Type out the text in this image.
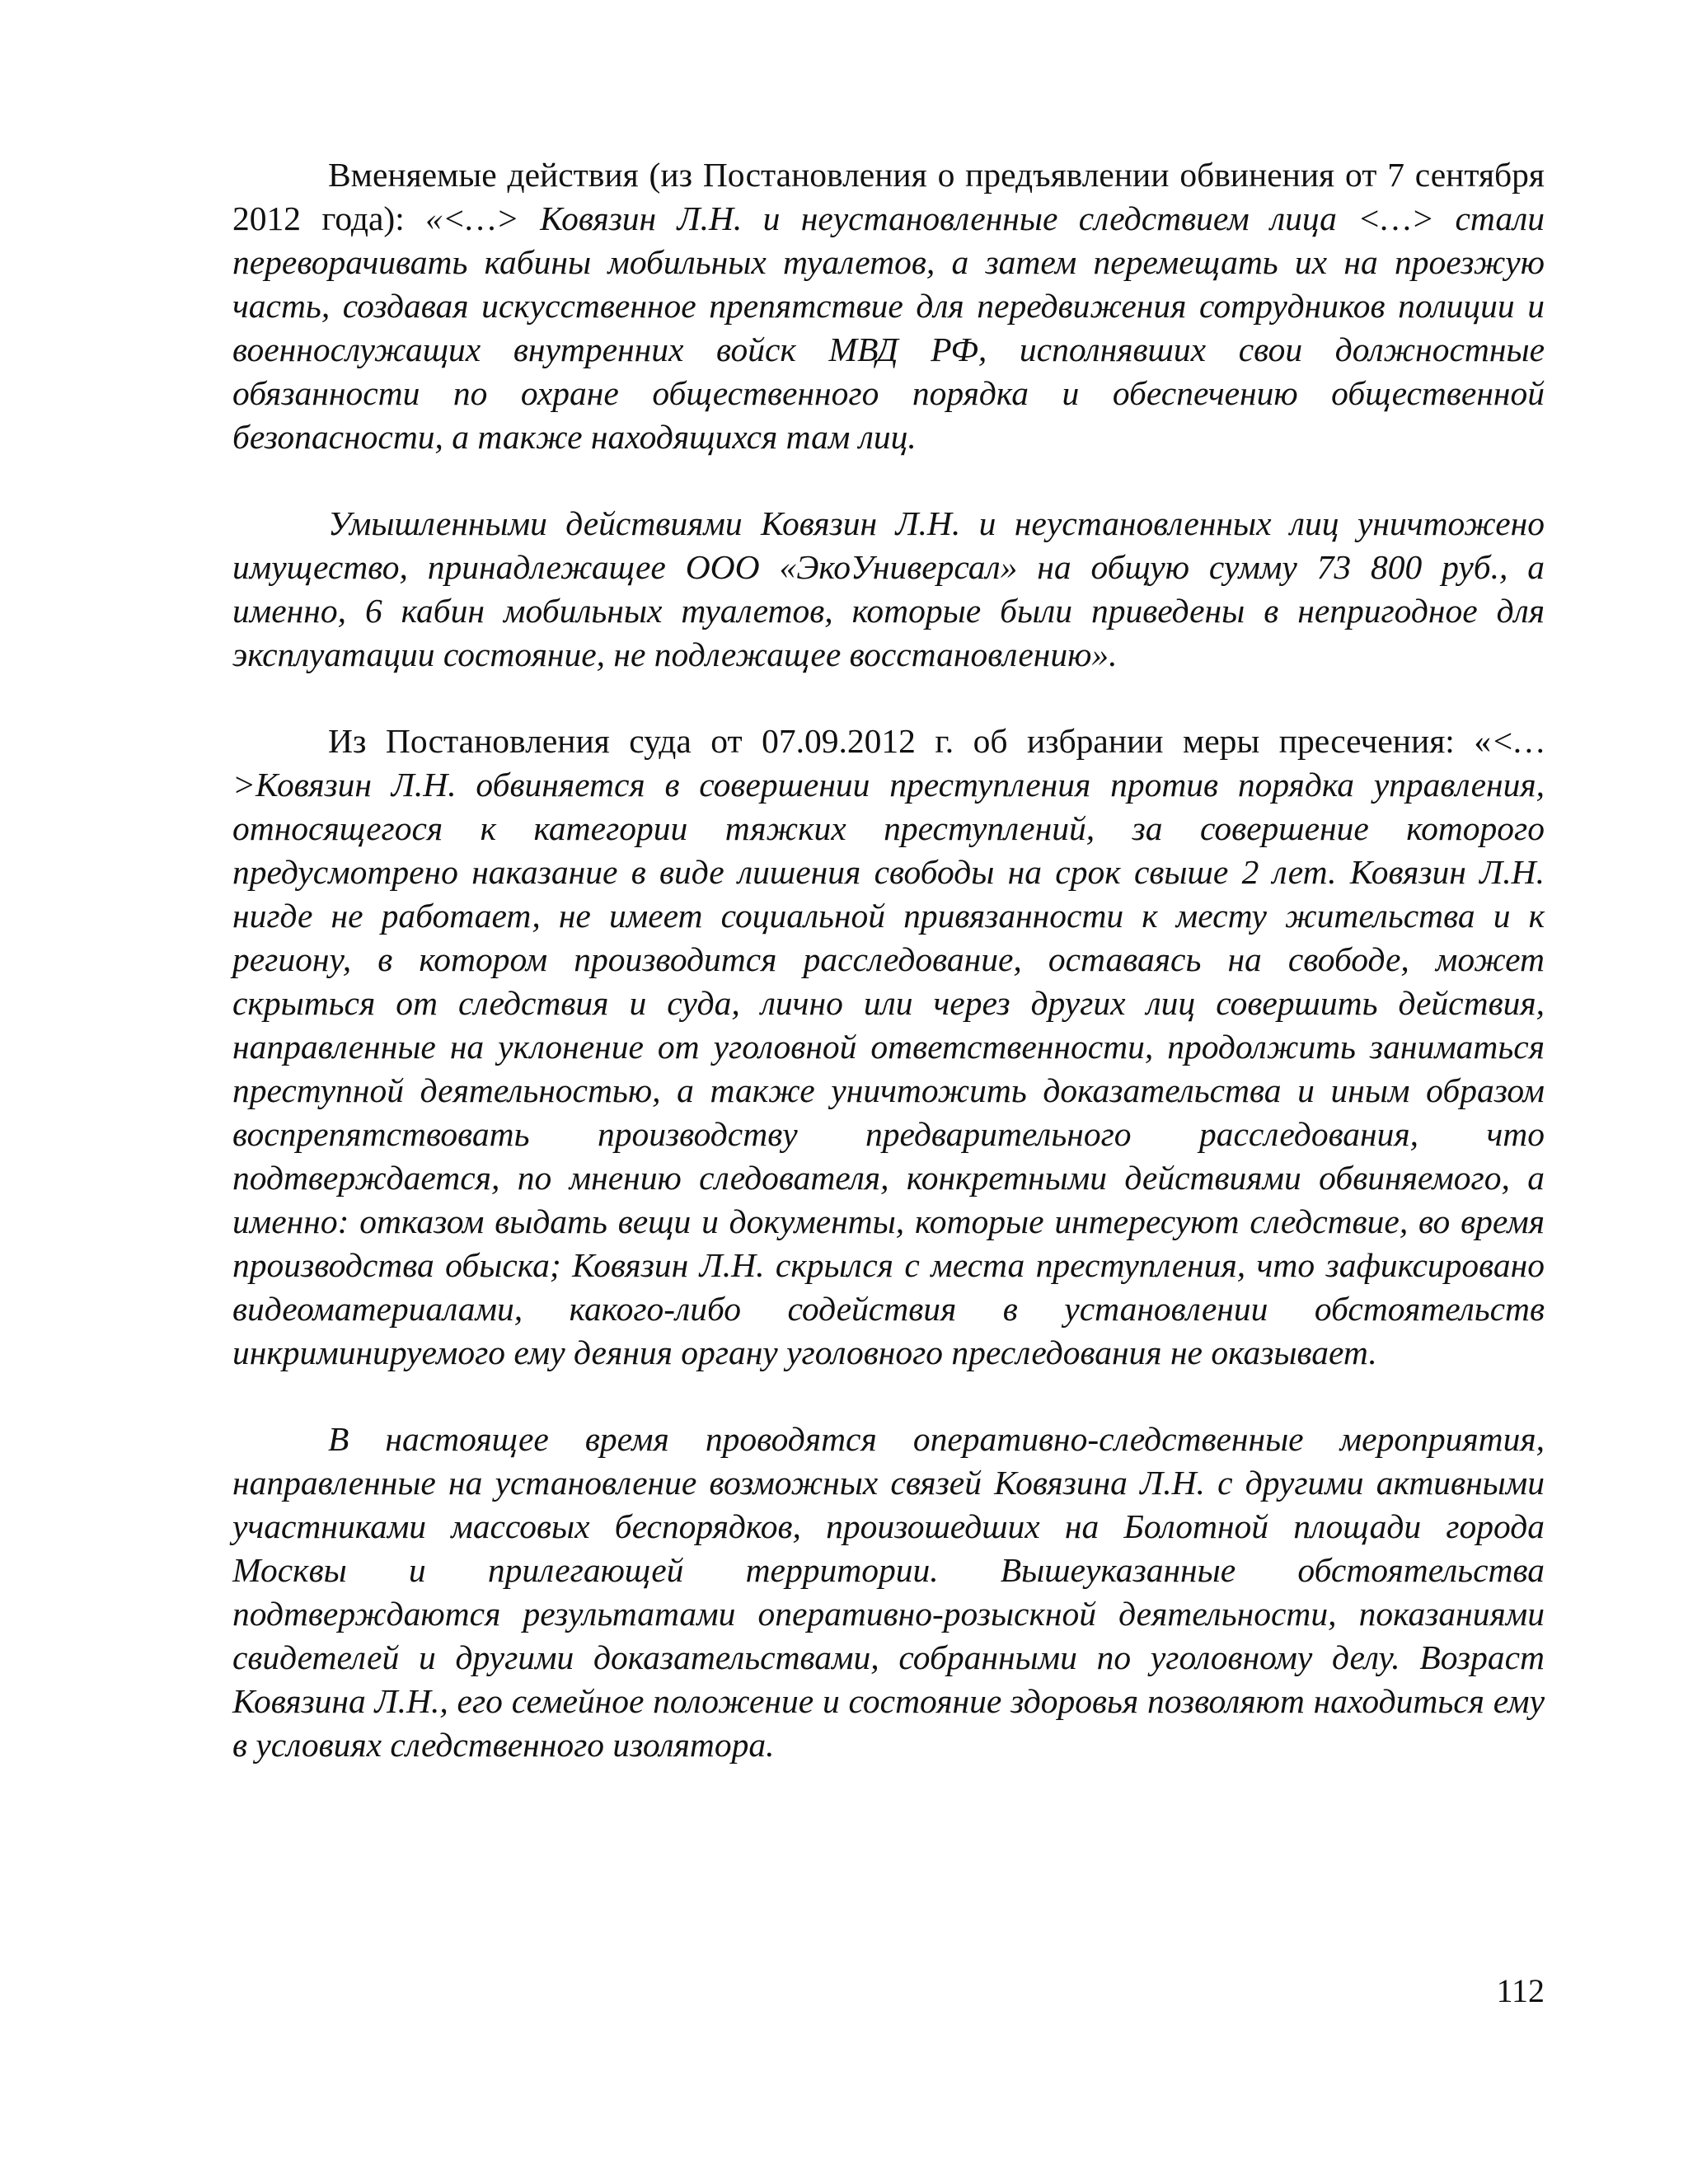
Вменяемые действия (из Постановления о предъявлении обвинения от 7 сентября 2012 года): «<…> Ковязин Л.Н. и неустановленные следствием лица <…> стали переворачивать кабины мобильных туалетов, а затем перемещать их на проезжую часть, создавая искусственное препятствие для передвижения сотрудников полиции и военнослужащих внутренних войск МВД РФ, исполнявших свои должностные обязанности по охране общественного порядка и обеспечению общественной безопасности, а также находящихся там лиц.

Умышленными действиями Ковязин Л.Н. и неустановленных лиц уничтожено имущество, принадлежащее ООО «ЭкоУниверсал» на общую сумму 73 800 руб., а именно, 6 кабин мобильных туалетов, которые были приведены в непригодное для эксплуатации состояние, не подлежащее восстановлению».

Из Постановления суда от 07.09.2012 г. об избрании меры пресечения: «<…>Ковязин Л.Н. обвиняется в совершении преступления против порядка управления, относящегося к категории тяжких преступлений, за совершение которого предусмотрено наказание в виде лишения свободы на срок свыше 2 лет. Ковязин Л.Н. нигде не работает, не имеет социальной привязанности к месту жительства и к региону, в котором производится расследование, оставаясь на свободе, может скрыться от следствия и суда, лично или через других лиц совершить действия, направленные на уклонение от уголовной ответственности, продолжить заниматься преступной деятельностью, а также уничтожить доказательства и иным образом воспрепятствовать производству предварительного расследования, что подтверждается, по мнению следователя, конкретными действиями обвиняемого, а именно: отказом выдать вещи и документы, которые интересуют следствие, во время производства обыска; Ковязин Л.Н. скрылся с места преступления, что зафиксировано видеоматериалами, какого-либо содействия в установлении обстоятельств инкриминируемого ему деяния органу уголовного преследования не оказывает.

В настоящее время проводятся оперативно-следственные мероприятия, направленные на установление возможных связей Ковязина Л.Н. с другими активными участниками массовых беспорядков, произошедших на Болотной площади города Москвы и прилегающей территории. Вышеуказанные обстоятельства подтверждаются результатами оперативно-розыскной деятельности, показаниями свидетелей и другими доказательствами, собранными по уголовному делу. Возраст Ковязина Л.Н., его семейное положение и состояние здоровья позволяют находиться ему в условиях следственного изолятора.

112
